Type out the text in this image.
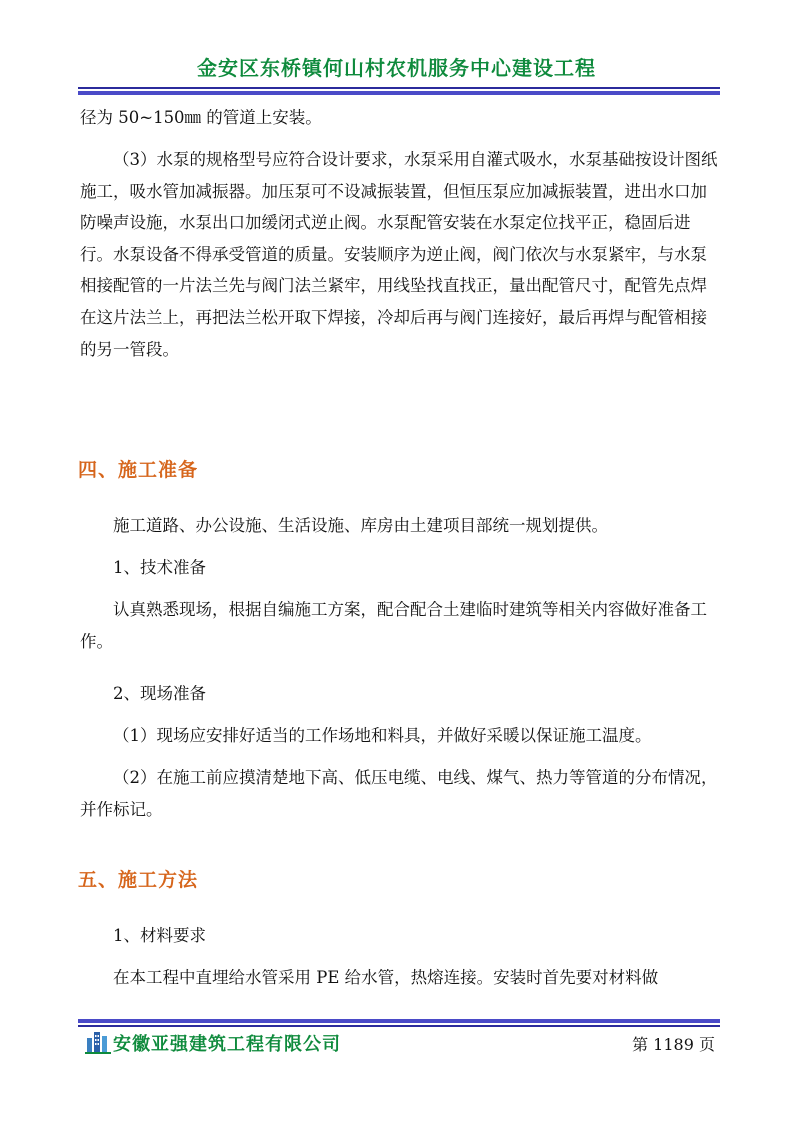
金安区东桥镇何山村农机服务中心建设工程

径为 50~150㎜ 的管道上安装。

（3）水泵的规格型号应符合设计要求，水泵采用自灌式吸水，水泵基础按设计图纸施工，吸水管加减振器。加压泵可不设减振装置，但恒压泵应加减振装置，进出水口加防噪声设施，水泵出口加缓闭式逆止阀。水泵配管安装在水泵定位找平正，稳固后进行。水泵设备不得承受管道的质量。安装顺序为逆止阀，阀门依次与水泵紧牢，与水泵相接配管的一片法兰先与阀门法兰紧牢，用线坠找直找正，量出配管尺寸，配管先点焊在这片法兰上，再把法兰松开取下焊接，冷却后再与阀门连接好，最后再焊与配管相接的另一管段。

四、施工准备

施工道路、办公设施、生活设施、库房由土建项目部统一规划提供。

1、技术准备

认真熟悉现场，根据自编施工方案，配合配合土建临时建筑等相关内容做好准备工作。

2、现场准备

（1）现场应安排好适当的工作场地和料具，并做好采暖以保证施工温度。

（2）在施工前应摸清楚地下高、低压电缆、电线、煤气、热力等管道的分布情况，并作标记。

五、施工方法

1、材料要求

在本工程中直埋给水管采用 PE 给水管，热熔连接。安装时首先要对材料做

安徽亚强建筑工程有限公司	第 1189 页
